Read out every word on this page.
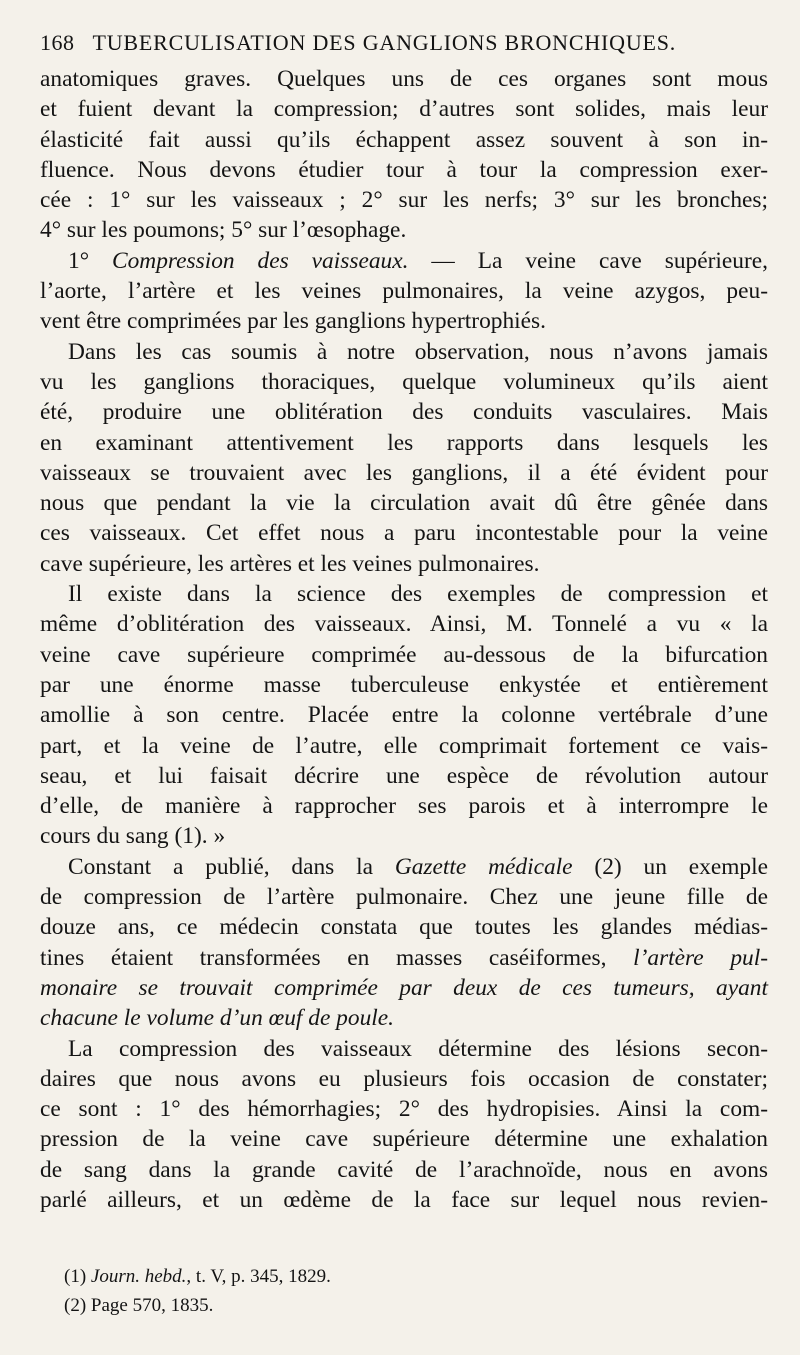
168 TUBERCULISATION DES GANGLIONS BRONCHIQUES.

anatomiques graves. Quelques uns de ces organes sont mous
et fuient devant la compression; d’autres sont solides, mais leur
élasticité fait aussi qu’ils échappent assez souvent à son in-
fluence. Nous devons étudier tour à tour la compression exer-
cée : 1° sur les vaisseaux ; 2° sur les nerfs; 3° sur les bronches;
4° sur les poumons; 5° sur l’œsophage.

1° Compression des vaisseaux. — La veine cave supérieure,
l’aorte, l’artère et les veines pulmonaires, la veine azygos, peu-
vent être comprimées par les ganglions hypertrophiés.

Dans les cas soumis à notre observation, nous n’avons jamais
vu les ganglions thoraciques, quelque volumineux qu’ils aient
été, produire une oblitération des conduits vasculaires. Mais
en examinant attentivement les rapports dans lesquels les
vaisseaux se trouvaient avec les ganglions, il a été évident pour
nous que pendant la vie la circulation avait dû être gênée dans
ces vaisseaux. Cet effet nous a paru incontestable pour la veine
cave supérieure, les artères et les veines pulmonaires.

Il existe dans la science des exemples de compression et
même d’oblitération des vaisseaux. Ainsi, M. Tonnelé a vu « la
veine cave supérieure comprimée au-dessous de la bifurcation
par une énorme masse tuberculeuse enkystée et entièrement
amollie à son centre. Placée entre la colonne vertébrale d’une
part, et la veine de l’autre, elle comprimait fortement ce vais-
seau, et lui faisait décrire une espèce de révolution autour
d’elle, de manière à rapprocher ses parois et à interrompre le
cours du sang (1). »

Constant a publié, dans la Gazette médicale (2) un exemple
de compression de l’artère pulmonaire. Chez une jeune fille de
douze ans, ce médecin constata que toutes les glandes médias-
tines étaient transformées en masses caséiformes, l’artère pul-
monaire se trouvait comprimée par deux de ces tumeurs, ayant
chacune le volume d’un œuf de poule.

La compression des vaisseaux détermine des lésions secon-
daires que nous avons eu plusieurs fois occasion de constater;
ce sont : 1° des hémorrhagies; 2° des hydropisies. Ainsi la com-
pression de la veine cave supérieure détermine une exhalation
de sang dans la grande cavité de l’arachnoïde, nous en avons
parlé ailleurs, et un œdème de la face sur lequel nous revien-

(1) Journ. hebd., t. V, p. 345, 1829.
(2) Page 570, 1835.
